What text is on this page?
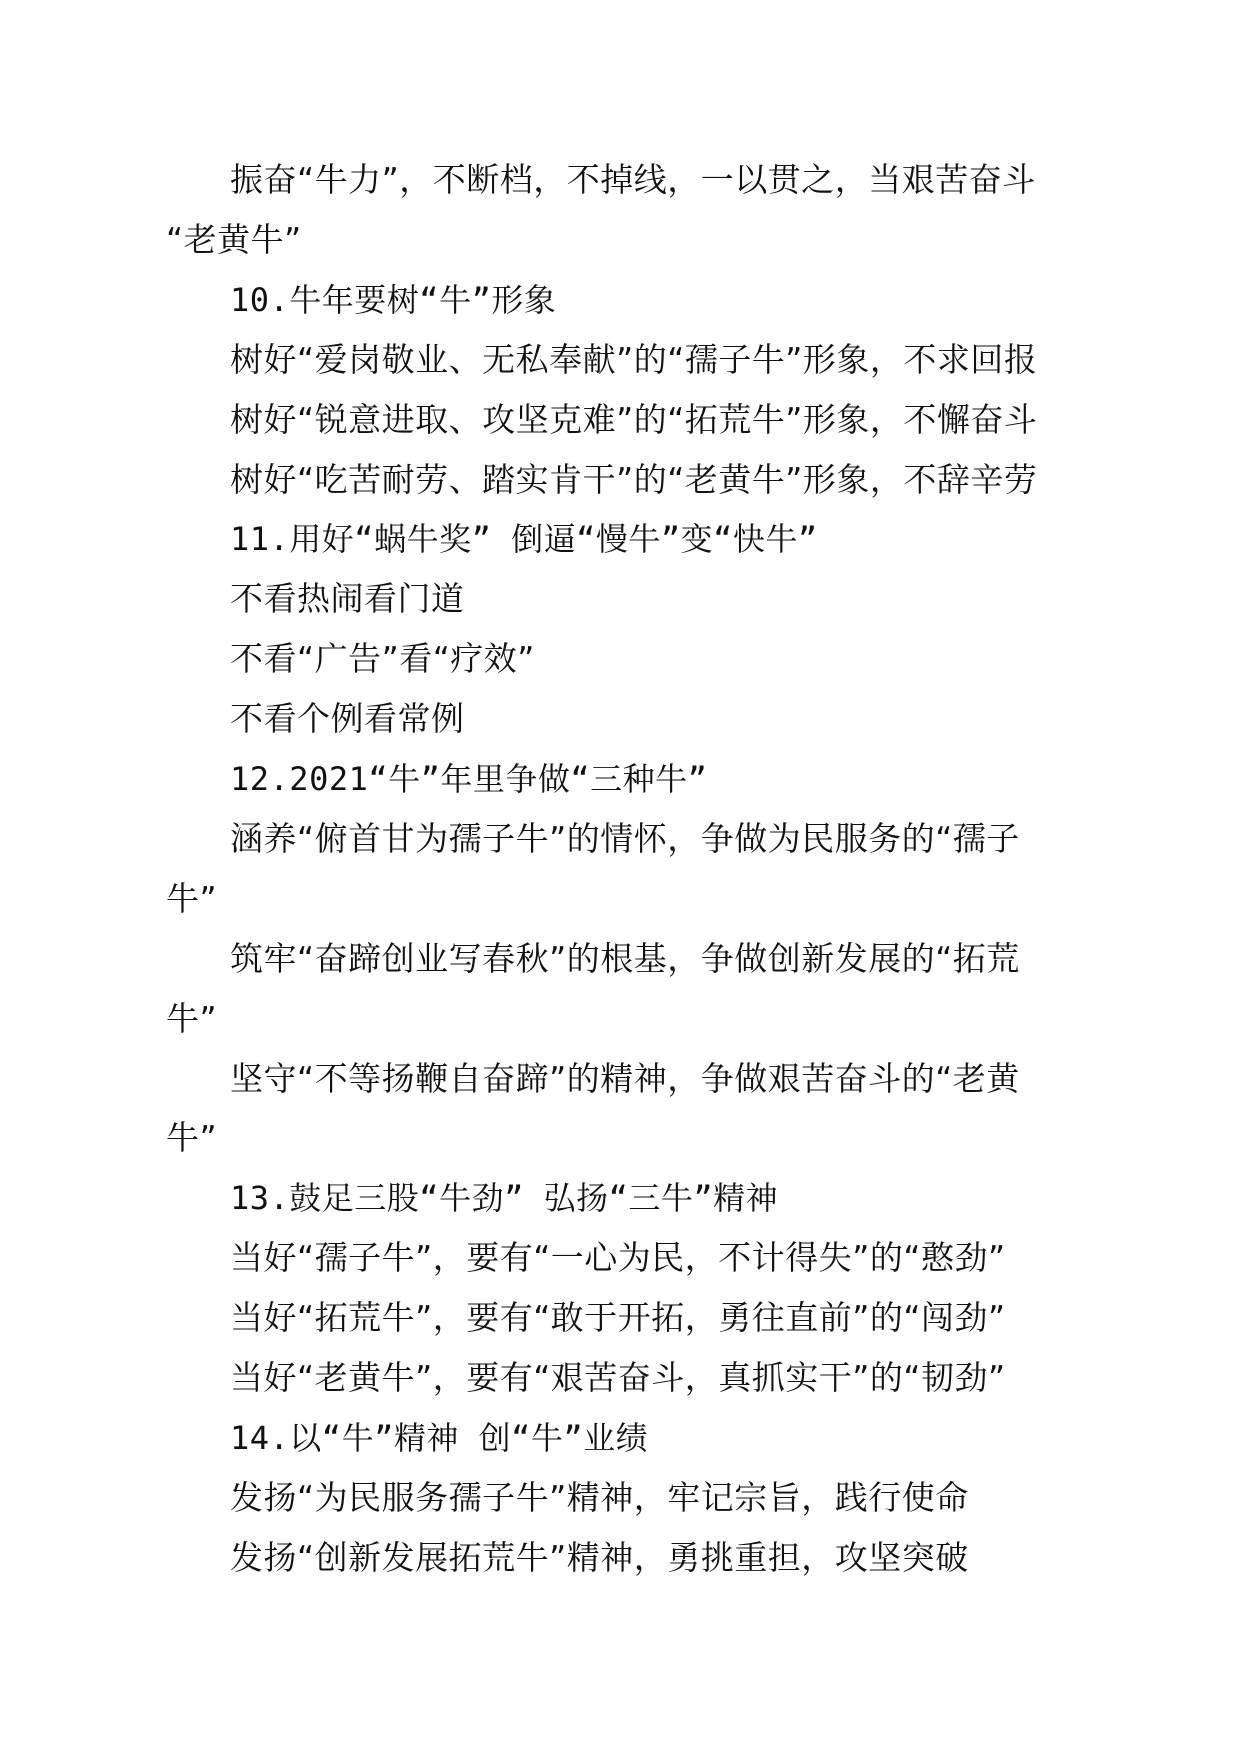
振奋“牛力”，不断档，不掉线，一以贯之，当艰苦奋斗
“老黄牛”
10.牛年要树“牛”形象
树好“爱岗敬业、无私奉献”的“孺子牛”形象，不求回报
树好“锐意进取、攻坚克难”的“拓荒牛”形象，不懈奋斗
树好“吃苦耐劳、踏实肯干”的“老黄牛”形象，不辞辛劳
11.用好“蜗牛奖” 倒逼“慢牛”变“快牛”
不看热闹看门道
不看“广告”看“疗效”
不看个例看常例
12.2021“牛”年里争做“三种牛”
涵养“俯首甘为孺子牛”的情怀，争做为民服务的“孺子
牛”
筑牢“奋蹄创业写春秋”的根基，争做创新发展的“拓荒
牛”
坚守“不等扬鞭自奋蹄”的精神，争做艰苦奋斗的“老黄
牛”
13.鼓足三股“牛劲” 弘扬“三牛”精神
当好“孺子牛”，要有“一心为民，不计得失”的“憨劲”
当好“拓荒牛”，要有“敢于开拓，勇往直前”的“闯劲”
当好“老黄牛”，要有“艰苦奋斗，真抓实干”的“韧劲”
14.以“牛”精神 创“牛”业绩
发扬“为民服务孺子牛”精神，牢记宗旨，践行使命
发扬“创新发展拓荒牛”精神，勇挑重担，攻坚突破
